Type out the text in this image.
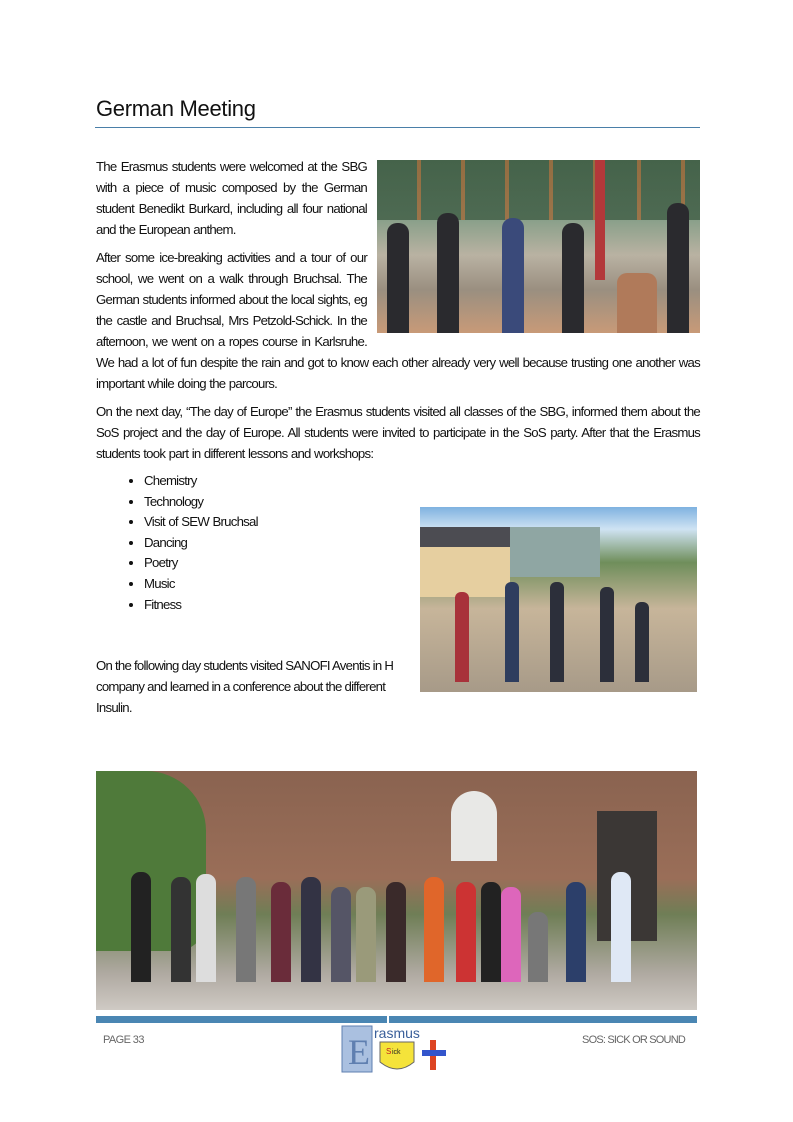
German Meeting

The Erasmus students were welcomed at the SBG with a piece of music composed by the German student Benedikt Burkard, including all four national and the European anthem.

After some ice-breaking activities and a tour of our school, we went on a walk through Bruchsal. The German students informed about the local sights, eg the castle and Bruchsal, Mrs Petzold-Schick. In the afternoon, we went on a ropes course in Karlsruhe. We had a lot of fun despite the rain and got to know each other already very well because trusting one another was important while doing the parcours.

On the next day, “The day of Europe” the Erasmus students visited all classes of the SBG, informed them about the SoS project and the day of Europe. All students were invited to participate in the SoS party. After that the Erasmus students took part in different lessons and workshops:

• Chemistry
• Technology
• Visit of SEW Bruchsal
• Dancing
• Poetry
• Music
• Fitness
On the following day students visited SANOFI Aventis in H
company and learned in a conference about the different
Insulin.
PAGE 33	E rasmus
S ick
SOS: SICK OR SOUND
